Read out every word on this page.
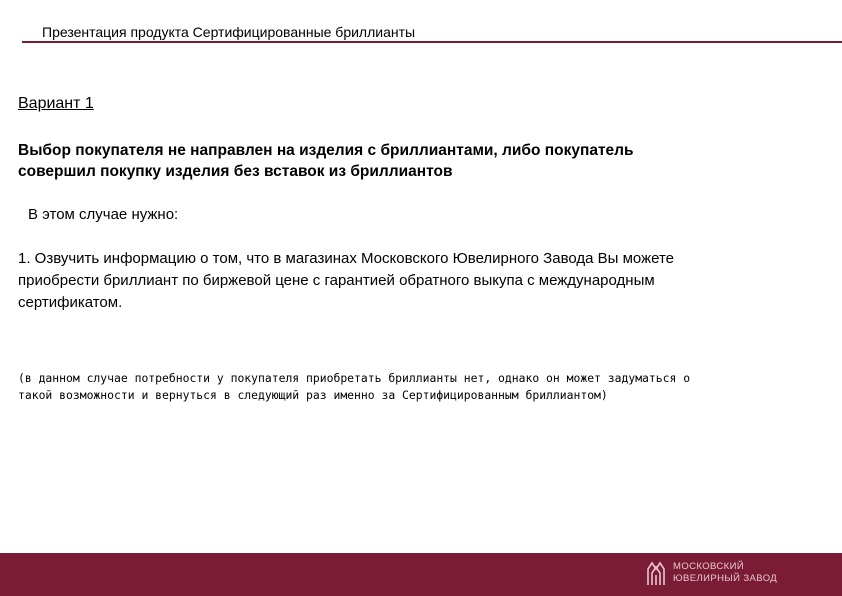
Презентация продукта Сертифицированные бриллианты
Вариант 1
Выбор покупателя не направлен на изделия с бриллиантами, либо покупатель
совершил покупку изделия без вставок из бриллиантов
В этом случае нужно:
1. Озвучить информацию о том, что в магазинах Московского Ювелирного Завода Вы можете
приобрести бриллиант по биржевой цене с гарантией обратного выкупа с международным
сертификатом.
(в данном случае потребности у покупателя приобретать бриллианты нет, однако он может задуматься о
такой возможности и вернуться в следующий раз именно за Сертифицированным бриллиантом)
МОСКОВСКИЙ
ЮВЕЛИРНЫЙ ЗАВОД
